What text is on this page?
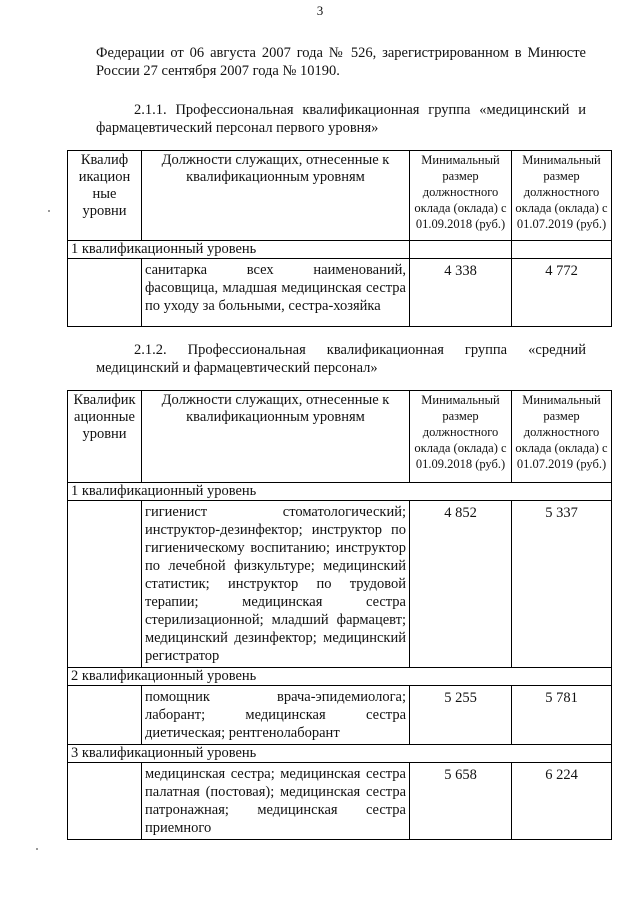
3
Федерации от 06 августа 2007 года № 526, зарегистрированном в Минюсте
России 27 сентября 2007 года № 10190.
2.1.1. Профессиональная квалификационная группа «медицинский и
фармацевтический персонал первого уровня»
Квалиф икацион ные уровни	Должности служащих, отнесенные к квалификационным уровням	Минимальный размер должностного оклада (оклада) с 01.09.2018 (руб.)	Минимальный размер должностного оклада (оклада) с 01.07.2019 (руб.)
1 квалификационный уровень			
	санитарка всех наименований, фасовщица, младшая медицинская сестра по уходу за больными, сестра-хозяйка	4 338	4 772
2.1.2. Профессиональная квалификационная группа «средний
медицинский и фармацевтический персонал»
Квалифик ационные уровни	Должности служащих, отнесенные к квалификационным уровням	Минимальный размер должностного оклада (оклада) с 01.09.2018 (руб.)	Минимальный размер должностного оклада (оклада) с 01.07.2019 (руб.)
1 квалификационный уровень			
	гигиенист стоматологический; инструктор-дезинфектор; инструктор по гигиеническому воспитанию; инструктор по лечебной физкультуре; медицинский статистик; инструктор по трудовой терапии; медицинская сестра стерилизационной; младший фармацевт; медицинский дезинфектор; медицинский регистратор	4 852	5 337
2 квалификационный уровень			
	помощник врача-эпидемиолога; лаборант; медицинская сестра диетическая; рентгенолаборант	5 255	5 781
3 квалификационный уровень			
	медицинская сестра; медицинская сестра палатная (постовая); медицинская сестра патронажная; медицинская сестра приемного	5 658	6 224
